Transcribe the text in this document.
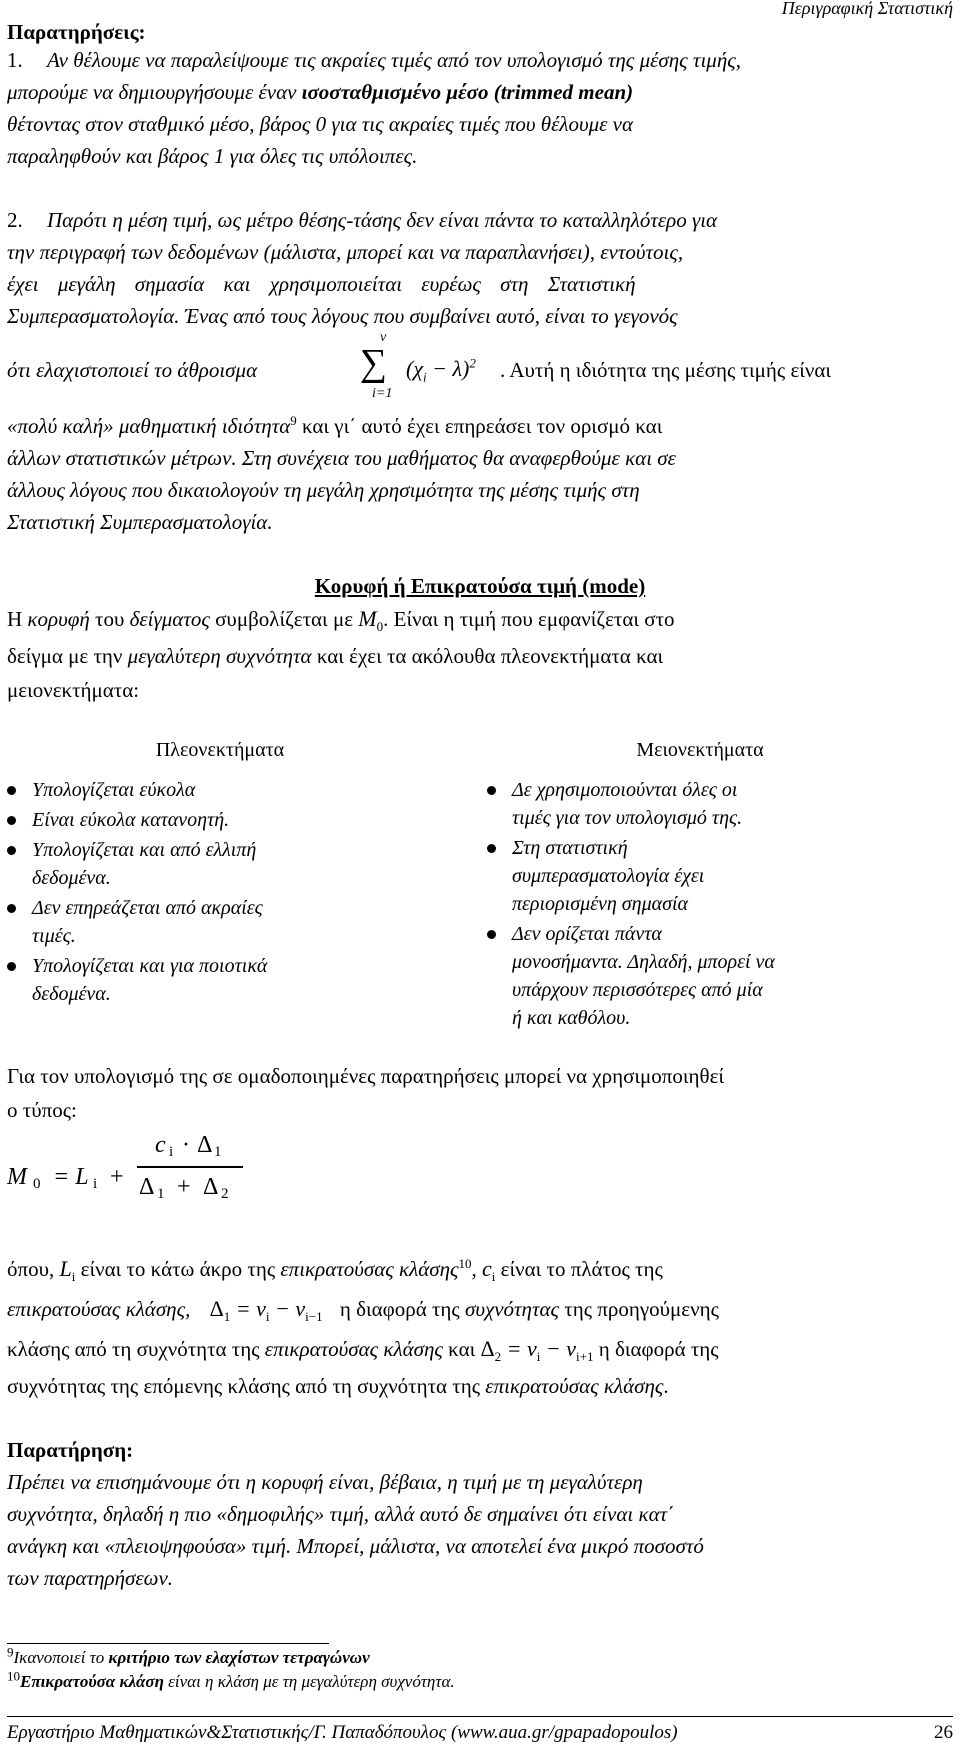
Περιγραφική Στατιστική
Παρατηρήσεις:
1. Αν θέλουμε να παραλείψουμε τις ακραίες τιμές από τον υπολογισμό της μέσης τιμής,
μπορούμε να δημιουργήσουμε έναν ισοσταθμισμένο μέσο (trimmed mean)
θέτοντας στον σταθμικό μέσο, βάρος 0 για τις ακραίες τιμές που θέλουμε να
παραληφθούν και βάρος 1 για όλες τις υπόλοιπες.
2. Παρότι η μέση τιμή, ως μέτρο θέσης-τάσης δεν είναι πάντα το καταλληλότερο για
την περιγραφή των δεδομένων (μάλιστα, μπορεί και να παραπλανήσει), εντούτοις,
έχει μεγάλη σημασία και χρησιμοποιείται ευρέως στη Στατιστική
Συμπερασματολογία. Ένας από τους λόγους που συμβαίνει αυτό, είναι το γεγονός
ότι ελαχιστοποιεί το άθροισμα
ν
∑
i=1
$(\chi_i - \lambda)^2$ . Αυτή η ιδιότητα της μέσης τιμής είναι
«πολύ καλή» μαθηματική ιδιότητα$^9$ και γι΄ αυτό έχει επηρεάσει τον ορισμό και
άλλων στατιστικών μέτρων. Στη συνέχεια του μαθήματος θα αναφερθούμε και σε
άλλους λόγους που δικαιολογούν τη μεγάλη χρησιμότητα της μέσης τιμής στη
Στατιστική Συμπερασματολογία.
Κορυφή ή Επικρατούσα τιμή (mode)
Η κορυφή του δείγματος συμβολίζεται με $M_0$. Είναι η τιμή που εμφανίζεται στο
δείγμα με την μεγαλύτερη συχνότητα και έχει τα ακόλουθα πλεονεκτήματα και
μειονεκτήματα:
Πλεονεκτήματα
Υπολογίζεται εύκολα
Είναι εύκολα κατανοητή.
Υπολογίζεται και από ελλιπή
δεδομένα.
Δεν επηρεάζεται από ακραίες
τιμές.
Υπολογίζεται και για ποιοτικά
δεδομένα.
Μειονεκτήματα
Δε χρησιμοποιούνται όλες οι
τιμές για τον υπολογισμό της.
Στη στατιστική
συμπερασματολογία έχει
περιορισμένη σημασία
Δεν ορίζεται πάντα
μονοσήμαντα. Δηλαδή, μπορεί να
υπάρχουν περισσότερες από μία
ή και καθόλου.
Για τον υπολογισμό της σε ομαδοποιημένες παρατηρήσεις μπορεί να χρησιμοποιηθεί
ο τύπος:
M 0 = L i +
c i · Δ 1
Δ 1 + Δ 2
όπου, $L_i$ είναι το κάτω άκρο της επικρατούσας κλάσης$^{10}$, $c_i$ είναι το πλάτος της
επικρατούσας κλάσης, $\Delta_1 = \nu_i - \nu_{i-1}$ η διαφορά της συχνότητας της προηγούμενης
κλάσης από τη συχνότητα της επικρατούσας κλάσης και $\Delta_2 = \nu_i - \nu_{i+1}$ η διαφορά της
συχνότητας της επόμενης κλάσης από τη συχνότητα της επικρατούσας κλάσης.
Παρατήρηση:
Πρέπει να επισημάνουμε ότι η κορυφή είναι, βέβαια, η τιμή με τη μεγαλύτερη
συχνότητα, δηλαδή η πιο «δημοφιλής» τιμή, αλλά αυτό δε σημαίνει ότι είναι κατ΄
ανάγκη και «πλειοψηφούσα» τιμή. Μπορεί, μάλιστα, να αποτελεί ένα μικρό ποσοστό
των παρατηρήσεων.
$^9$Ικανοποιεί το κριτήριο των ελαχίστων τετραγώνων
$^{10}$Επικρατούσα κλάση είναι η κλάση με τη μεγαλύτερη συχνότητα.
Εργαστήριο Μαθηματικών&Στατιστικής/Γ. Παπαδόπουλος (www.aua.gr/gpapadopoulos)	26
